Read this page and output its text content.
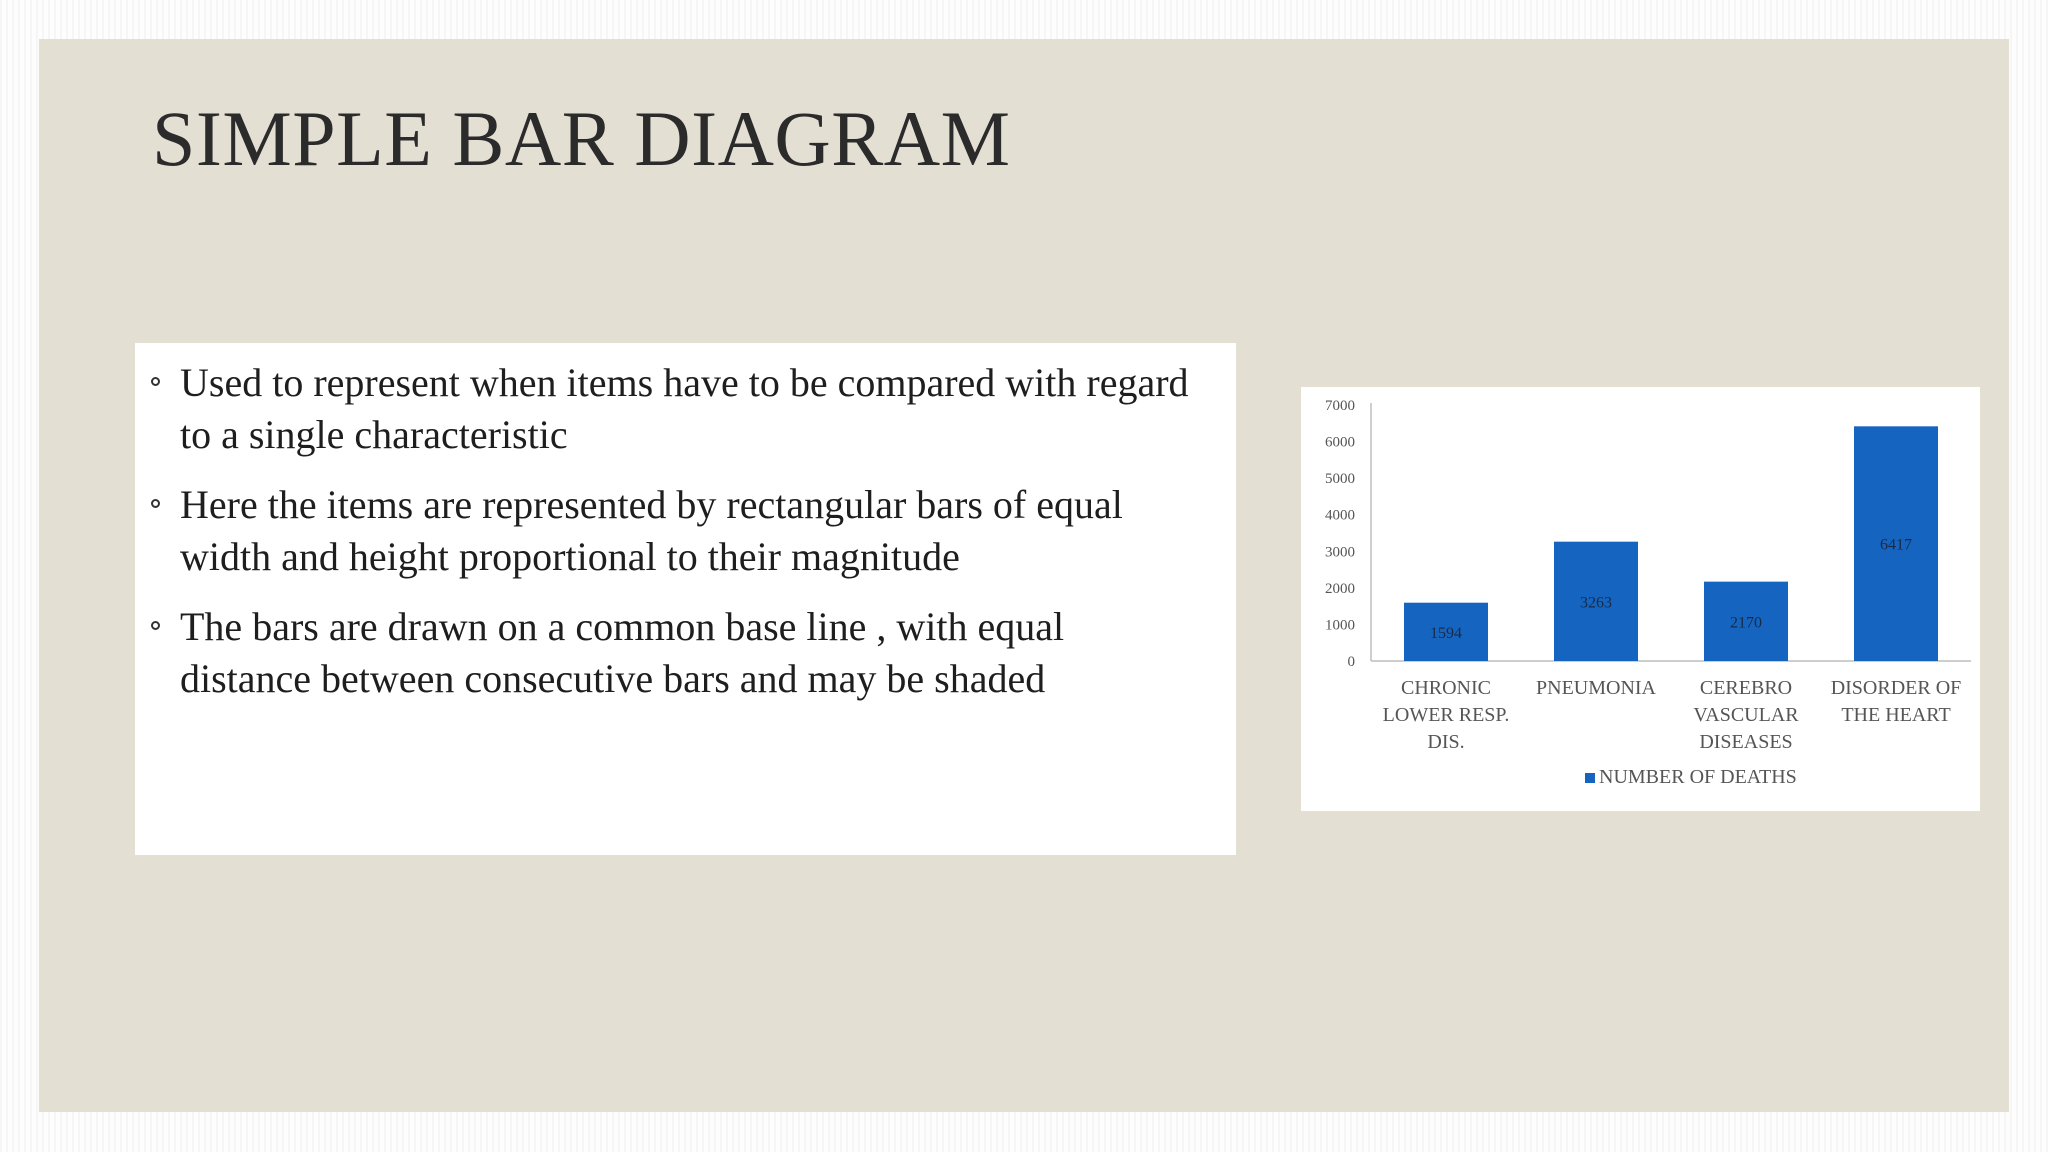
SIMPLE BAR DIAGRAM
Used to represent when items have to be compared with regard to a single characteristic
Here the items are represented by rectangular bars of equal width and height proportional to their magnitude
The bars are drawn on a common base line , with equal distance between consecutive bars and may be shaded	0
1000
2000
3000
4000
5000
6000
7000
1594
CHRONIC
LOWER RESP.
DIS.
3263
PNEUMONIA
2170
CEREBRO
VASCULAR
DISEASES
6417
DISORDER OF
THE HEART
NUMBER OF DEATHS
